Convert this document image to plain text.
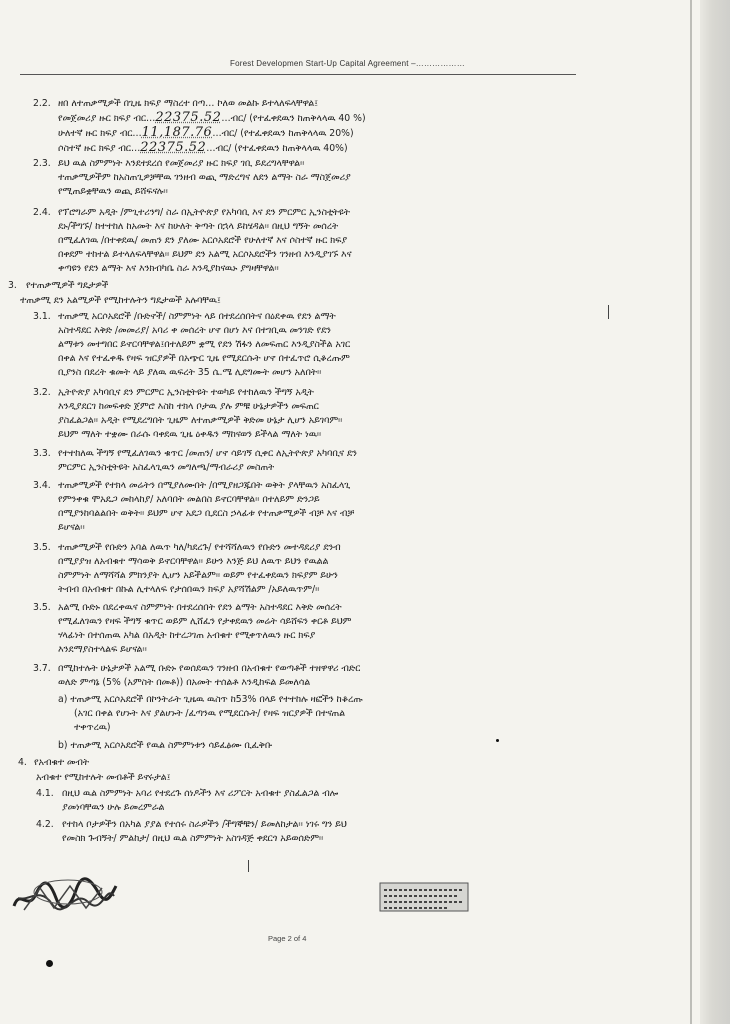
Forest Developmen Start-Up Capital Agreement –………………
2.2. ዘበ ለተጠቃሚዎች በጊዜ ክፍያ ማስረተ በጣ… ኮለወ መልኩ ይተላለፍላቸዋል፤
የመጀመሪያ ዙር ክፍያ ብር…22375.52…ብር/ (የተፈቀደዉን ከጠቅላላዉ 40 %)
ሁለተኛ ዙር ክፍያ ብር…11,187.76…ብር/ (የተፈቀደዉን ከጠቅላላዉ 20%)
ሶስተኛ ዙር ክፍያ ብር…22375.52…ብር/ (የተፈቀደዉን ከጠቅላላዉ 40%)
2.3. ይህ ዉል ስምምነት እንደተደረሰ የመጀመሪያ ዙር ክፍያ ገቢ ይደረግላቸዋል፡፡
ተጠቃሚዎችም ከአስጠጊዎቻቸዉ ገንዘብ ወጪ ማድረግና ለደን ልማት ስራ ማስጀመሪያ
የሚጠይቋቸዉን ወጪ ይሸፍናሉ፡፡
2.4. የፕሮግራም አዲት /ምጊተሪንግ/ ስራ በኢትዮጵያ የአካባቢ እና ደን ምርምር ኢንስቲትዩት
ደኑ/ችግኙ/ ከተተከለ ከአመት እና ከሁለት ቅጣት በኋላ ይከሄዳል፡፡ በዚህ ግኝት መሰረት
በሚፈለገዉ /በተቀደዉ/ መጠን ደን ያለሙ አርሶአደሮች የሁለተኛ እና ሶስተኛ ዙር ክፍያ
በቀደም ተከተል ይተላለፍላቸዋል፡፡ ይህም ደን አልሚ አርሶአደሮችን ገንዘብ እንዲያገኙ እና
ቀጣዩን የደን ልማት እና እንክብካቤ ስራ እንዲያከናዉኑ ያግዛቸዋል፡፡
3. የተጠቃሚዎች ግዴታዎች
ተጠቃሚ ደን አልሚዎች የሚከተሉትን ግዴታወች አሉባቸዉ፤
3.1. ተጠቃሚ አርሶአደሮች /ቡድኖች/ ስምምነት ላይ በተደረሰበትና በዕደቀዉ የደን ልማት
አስተዳደር እቅድ /መመሪያ/ አባሪ ቀ መሰረት ሆኖ በሆነ እና በተገቢዉ መንገድ የደን
ልማቱን መተግበር ይኖርባቸዋል፤በተለይም ቋሚ የደን ሽፋን ለመፍጠር እንዲያስችል አገር
በቀል እና የተፈቀዱ የዛፍ ዝርያዎች በአጭር ጊዜ የሚደርሱት ሆኖ በተፈጥሮ ሲቆረጡም
ቢያንስ በደረት ቁመት ላይ ያለዉ ዉፍረት 35 ሴ.ሜ ሊደግሙት መሆን አለበት፡፡
3.2. ኢትዮጵያ አካባቢና ደን ምርምር ኢንስቲትዩት ተወካይ የተከለዉን ችግኝ አዲት
እንዲያደርገ ከመፍቀድ ጀምሮ እስከ ተክላ ቦታዉ ያሉ ምቹ ሁኔታዎችን መፍጠር
ያስፈልጋል፡፡ አዲት የሚደረግበት ጊዜም ለተጠቃሚዎች ቅድመ ሁኔታ ሊሆን አይገባም፡፡
ይህም ማለት ተቋሙ በራሱ ባቀደዉ ጊዜ ዕቀዱን ማከናወን ይችላል ማለት ነዉ፡፡
3.3. የተተከለዉ ችግኝ የሚፈለገዉን ቁጥር /መጠን/ ሆኖ ሳይገኝ ሲቀር ለኢትዮጵያ አካባቢና ደን
ምርምር ኢንስቲትዩት አስፈላጊዉን መግለጫ/ማብራሪያ መስጠት
3.4. ተጠቃሚዎች የተክላ መሬትን በሚያለሙበት /በሚያዘጋጁበት ወቅት ያላቸዉን አስፈላጊ
የምንቀቁ ሞአዴጋ መከላከያ/ አለባበት መልበስ ይኖርባቸዋል፡፡ በተለይም ድንጋይ
በሚያንከባልልበት ወቅት፡፡ ይህም ሆኖ አደጋ ቢደርስ ኃላፊቱ የተጠቃሚዎች ብቻ እና ብቻ
ይሆናል፡፡
3.5. ተጠቃሚዎች የቡድን አባል ለዉጥ ካለ/ካደረጉ/ የተሻሻለዉን የቡድን መተዳደሪያ ደንብ
በሚያያዝ ለአብቁተ ማሳወቅ ይኖርባቸዋል፡፡ ይሁን እንጅ ይህ ለዉጥ ይህን የዉልል
ስምምነት ለማሻሻል ምክንያት ሊሆን አይችልም፡፡ ወይም የተፈቀደዉን ክፍያም ይሁን
ትብብ በአብቁተ በኩል ሊተላለፍ የታሰበዉን ክፍያ አያሻሽልም /አይለዉጥም/፡፡
3.5. አልሚ ቡድኑ በደረቀዉና ስምምነት በተደረሰበት የደን ልማት አስተዳደር እቅድ መሰረት
የሚፈለገዉን የዛፍ ችግኝ ቁጥር ወይም ሊሸፈን የታቀደዉን መሬት ሳይሸፍን ቀርቶ ይህም
ሃላፊነት በተሰጠዉ አካል በአዲት ከተረጋገጠ አብቁተ የሚቀጥለዉን ዙር ክፍያ
እንደማያስተላልፍ ይሆናል፡፡
3.7. በሚከተሉት ሁኔታዎች አልሚ ቡድኑ የወሰደዉን ገንዘብ በአብቁተ የወጣቶች ተዘዋዋሪ ብድር
ወለድ ምጣኔ (5% (አምስት በመቶ)) በአመት ተሰልቶ እንዲከፍል ይመለሳል
a) ተጠቃሚ አርሶአደሮች በኮንትራት ጊዜዉ ዉስጥ ከ53% በላይ የተተከሉ ዛፎችን ከቆረጡ
(አገር በቀል የሆኑት እና ያልሆኑት /ፈጣንዉ የሚደርሱት/ የዛፍ ዝርያዎች በተናጠል
ተቀጥረዉ)
b) ተጠቃሚ አርሶአደሮች የዉል ስምምነቱን ሳይፈፅሙ ቢፈቅቡ
4. የአብቁተ መብት
አብቁተ የሚከተሉት መብቶች ይኖሩታል፤
4.1. በዚህ ዉል ስምምነት አባሪ የተደረጉ ሰነዶችን እና ሪፖርት አብቁተ ያስፈልጋል ብሎ
ያመነባቸዉን ሁሉ ይመረምራል
4.2. የተከላ ቦታዎችን በአካል ያያል የተሰሩ ስራዎችን /ችግኞቹን/ ይመለከታል፡፡ ነገሩ ግን ይህ
የመስክ ጉብኝት/ ምልከታ/ በዚህ ዉል ስምምነት አስገዳጅ ቀደርጎ አይወሰድም፡፡
Page 2 of 4
